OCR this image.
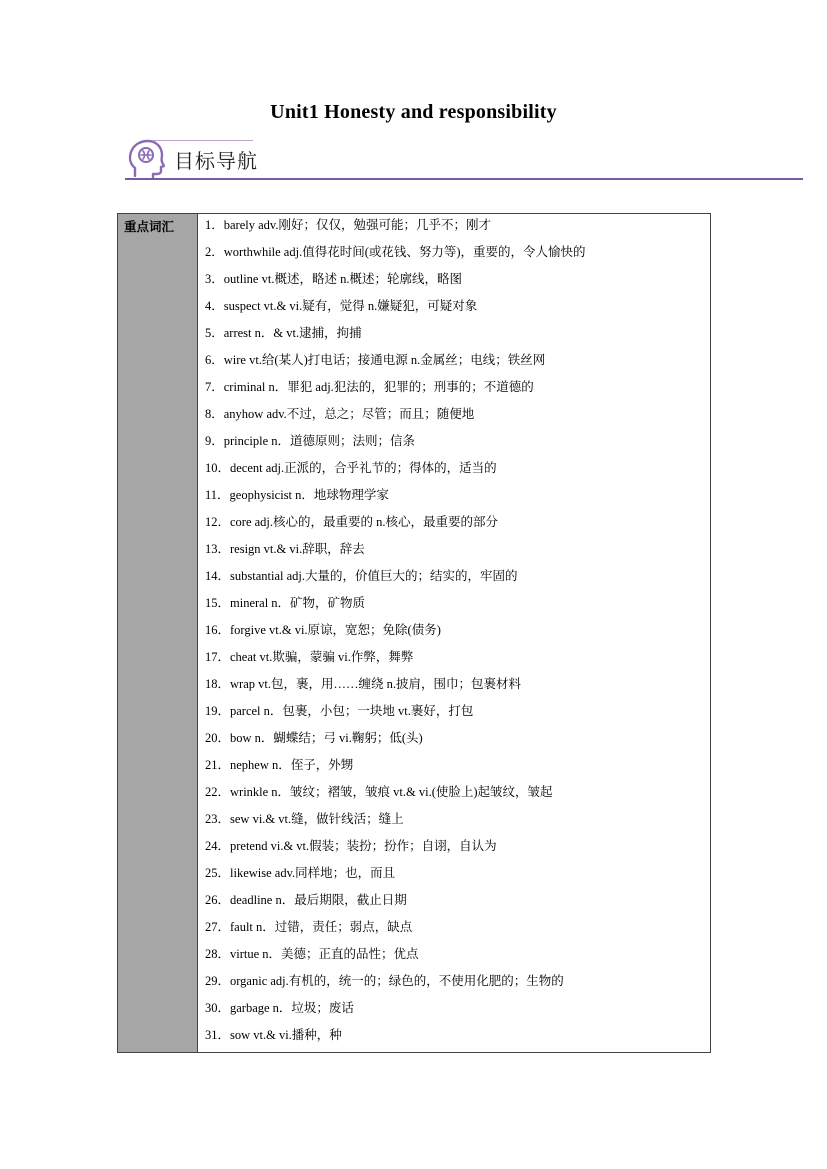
Unit1 Honesty and responsibility
目标导航
重点词汇 1．barely adv.刚好；仅仅，勉强可能；几乎不；刚才
2．worthwhile adj.值得花时间(或花钱、努力等)，重要的，令人愉快的
3．outline vt.概述，略述 n.概述；轮廓线，略图
4．suspect vt.& vi.疑有，觉得 n.嫌疑犯，可疑对象
5．arrest n．& vt.逮捕，拘捕
6．wire vt.给(某人)打电话；接通电源 n.金属丝；电线；铁丝网
7．criminal n．罪犯 adj.犯法的，犯罪的；刑事的；不道德的
8．anyhow adv.不过，总之；尽管；而且；随便地
9．principle n．道德原则；法则；信条
10．decent adj.正派的，合乎礼节的；得体的，适当的
11．geophysicist n．地球物理学家
12．core adj.核心的，最重要的 n.核心，最重要的部分
13．resign vt.& vi.辞职，辞去
14．substantial adj.大量的，价值巨大的；结实的，牢固的
15．mineral n．矿物，矿物质
16．forgive vt.& vi.原谅，宽恕；免除(债务)
17．cheat vt.欺骗，蒙骗 vi.作弊，舞弊
18．wrap vt.包，裹，用……缠绕 n.披肩，围巾；包裹材料
19．parcel n．包裹，小包；一块地 vt.裹好，打包
20．bow n．蝴蝶结；弓 vi.鞠躬；低(头)
21．nephew n．侄子，外甥
22．wrinkle n．皱纹；褶皱，皱痕 vt.& vi.(使脸上)起皱纹，皱起
23．sew vi.& vt.缝，做针线活；缝上
24．pretend vi.& vt.假装；装扮；扮作；自诩，自认为
25．likewise adv.同样地；也，而且
26．deadline n．最后期限，截止日期
27．fault n．过错，责任；弱点，缺点
28．virtue n．美德；正直的品性；优点
29．organic adj.有机的，统一的；绿色的，不使用化肥的；生物的
30．garbage n．垃圾；废话
31．sow vt.& vi.播种，种
